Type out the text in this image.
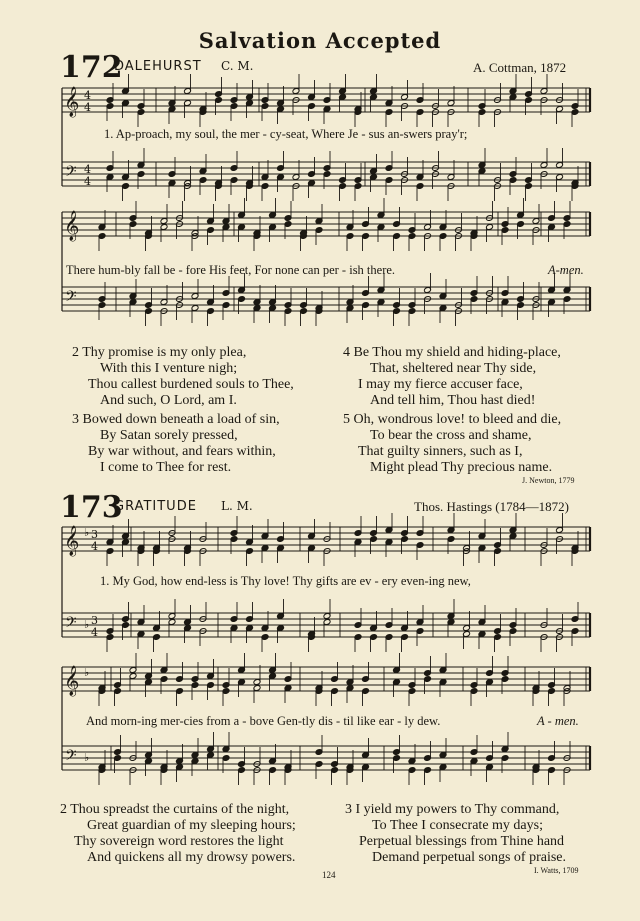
Salvation Accepted
172
DALEHURST C. M.	A. Cottman, 1872
1. Ap-proach, my soul, the mer - cy-seat, Where Je - sus an-swers pray'r;
There hum-bly fall be - fore His feet, For none can per - ish there.	A-men.
2 Thy promise is my only plea,
With this I venture nigh;
Thou callest burdened souls to Thee,
And such, O Lord, am I.
3 Bowed down beneath a load of sin,
By Satan sorely pressed,
By war without, and fears within,
I come to Thee for rest.
4 Be Thou my shield and hiding-place,
That, sheltered near Thy side,
I may my fierce accuser face,
And tell him, Thou hast died!
5 Oh, wondrous love! to bleed and die,
To bear the cross and shame,
That guilty sinners, such as I,
Might plead Thy precious name.
J. Newton, 1779
173
GRATITUDE L. M.	Thos. Hastings (1784—1872)
1. My God, how end-less is Thy love! Thy gifts are ev - ery even-ing new,
And morn-ing mer-cies from a - bove Gen-tly dis - til like ear - ly dew.	A - men.
2 Thou spreadst the curtains of the night,
Great guardian of my sleeping hours;
Thy sovereign word restores the light
And quickens all my drowsy powers.
3 I yield my powers to Thy command,
To Thee I consecrate my days;
Perpetual blessings from Thine hand
Demand perpetual songs of praise.
I. Watts, 1709
124
𝄞
𝄢
4
4
4
4
𝄞
𝄢
𝄞
𝄢
♭
♭
3
4
3
4
𝄞
𝄢
♭
♭
